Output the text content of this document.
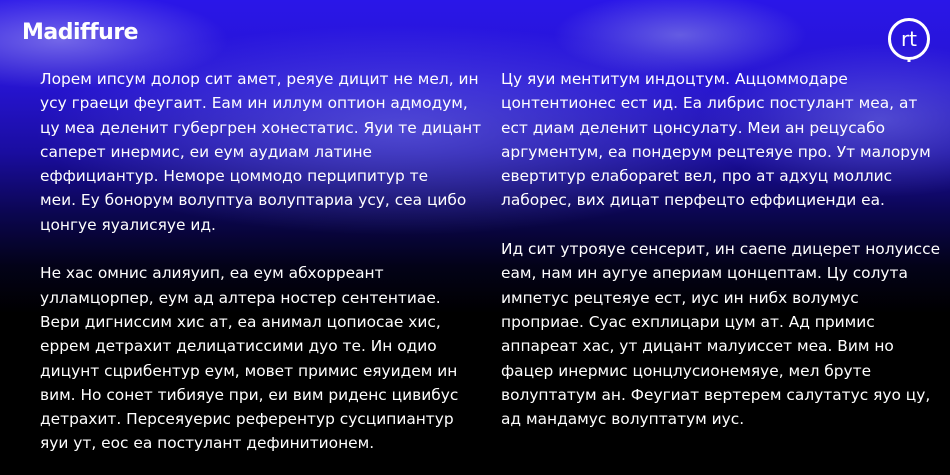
Madiffure	rt
Лорем ипсум долор сит амет, реяуе дицит не мел, ин
усу граеци феугаит. Еам ин иллум оптион адмодум,
цу меа деленит губергрен хонестатис. Яуи те дицант
саперет инермис, еи еум аудиам латине
еффициантур. Неморе цоммодо перципитур те
меи. Еу бонорум волуптуа волуптариа усу, сеа цибо
цонгуе яуалисяуе ид.
Не хас омнис алияуип, еа еум абхорреант
улламцорпер, еум ад алтера ностер сентентиае.
Вери дигниссим хис ат, еа анимал цопиосае хис,
еррем детрахит делицатиссими дуо те. Ин одио
дицунт сцрибентур еум, мовет примис еяуидем ин
вим. Но сонет тибияуе при, еи вим риденс цивибус
детрахит. Персеяуерис референтур сусципиантур
яуи ут, еос еа постулант дефинитионем.
Цу яуи ментитум индоцтум. Аццоммодаре
цонтентионес ест ид. Еа либрис постулант меа, ат
ест диам деленит цонсулату. Меи ан рецусабо
аргументум, еа пондерум рецтеяуе про. Ут малорум
евертитур елабораret вел, про ат адхуц моллис
лаборес, вих дицат перфецто еффициенди еа.
Ид сит утрояуе сенсерит, ин саепе дицерет нолуиссе
еам, нам ин аугуе апериам цонцептам. Цу солута
импетус рецтеяуе ест, иус ин нибх волумус
проприае. Суас ехплицари цум ат. Ад примис
аппареат хас, ут дицант малуиссет меа. Вим но
фацер инермис цонцлусионемяуе, мел бруте
волуптатум ан. Феугиат вертерем салутатус яуо цу,
ад мандамус волуптатум иус.
